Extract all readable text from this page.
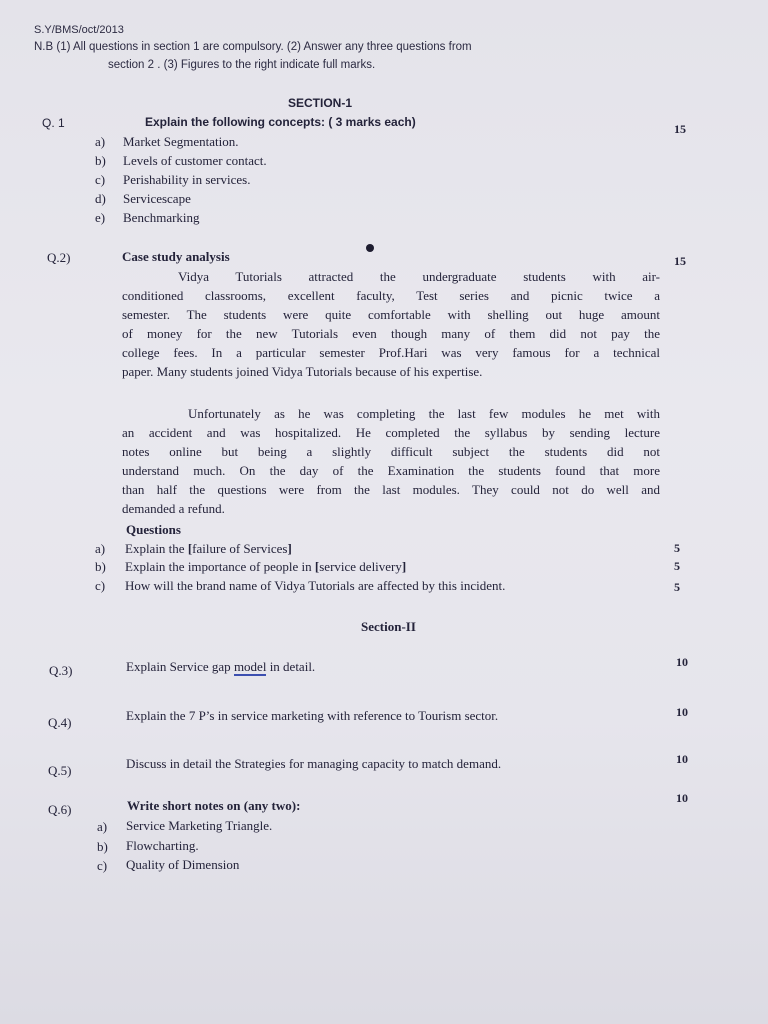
S.Y/BMS/oct/2013
N.B (1) All questions in section 1 are compulsory. (2) Answer any three questions from
section 2 . (3) Figures to the right indicate full marks.
SECTION-1
Q. 1	Explain the following concepts: ( 3 marks each)	15
a) Market Segmentation.
b) Levels of customer contact.
c) Perishability in services.
d) Servicescape
e) Benchmarking
Q.2)	Case study analysis	15
Vidya Tutorials attracted the undergraduate students with air-
conditioned classrooms, excellent faculty, Test series and picnic twice a
semester. The students were quite comfortable with shelling out huge amount
of money for the new Tutorials even though many of them did not pay the
college fees. In a particular semester Prof.Hari was very famous for a technical
paper. Many students joined Vidya Tutorials because of his expertise.
Unfortunately as he was completing the last few modules he met with
an accident and was hospitalized. He completed the syllabus by sending lecture
notes online but being a slightly difficult subject the students did not
understand much. On the day of the Examination the students found that more
than half the questions were from the last modules. They could not do well and
demanded a refund.
Questions
a) Explain the [ failure of Services ]	5
b) Explain the importance of people in [ service delivery ]	5
c) How will the brand name of Vidya Tutorials are affected by this incident.	5
Section-II
Q.3)	Explain Service gap model in detail.	10
Q.4)	Explain the 7 P’s in service marketing with reference to Tourism sector.	10
Q.5)	Discuss in detail the Strategies for managing capacity to match demand.	10
Q.6)	Write short notes on (any two):	10
a) Service Marketing Triangle.
b) Flowcharting.
c) Quality of Dimension
